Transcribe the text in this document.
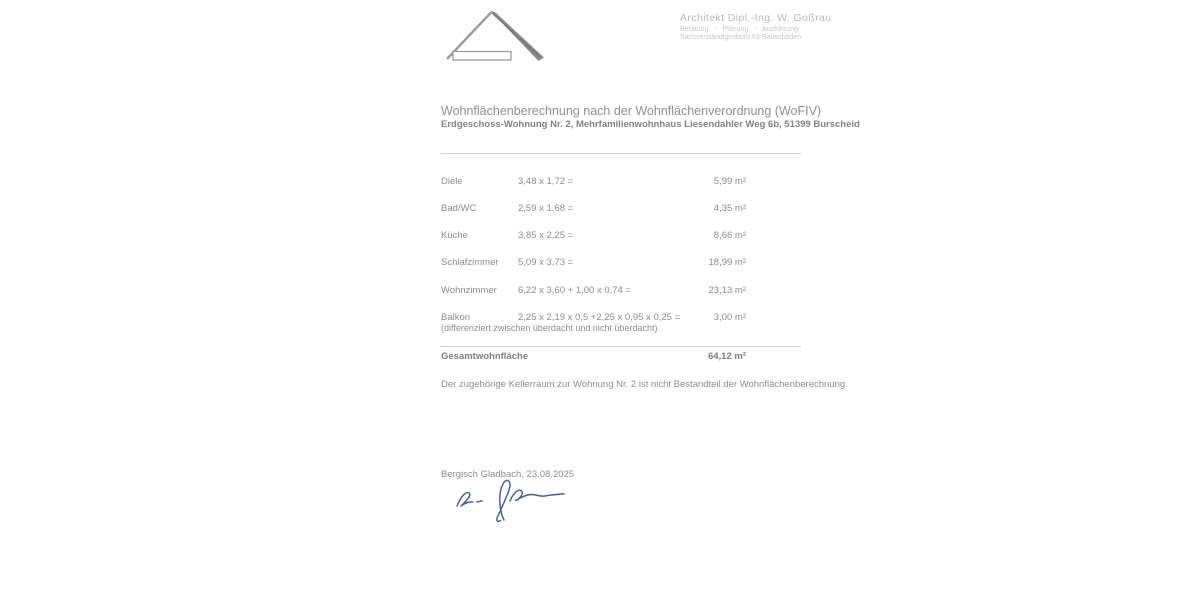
Architekt Dipl.-Ing. W. Goßrau
Beratung - Planung - Ausführung
Sachverständigenbüro für Bauschäden
Wohnflächenberechnung nach der Wohnflächenverordnung (WoFIV)
Erdgeschoss-Wohnung Nr. 2, Mehrfamilienwohnhaus Liesendahler Weg 6b, 51399 Burscheid
Diele	3,48 x 1,72 =	5,99 m²
Bad/WC	2,59 x 1,68 =	4,35 m²
Küche	3,85 x 2,25 =	8,66 m²
Schlafzimmer 5,09 x 3,73 =	18,99 m²
Wohnzimmer 6,22 x 3,60 + 1,00 x 0,74 =	23,13 m²
Balkon	2,25 x 2,19 x 0,5 +2,25 x 0,95 x 0,25 =	3,00 m²
(differenziert zwischen überdacht und nicht überdacht)
Gesamtwohnfläche	64,12 m²
Der zugehörige Kellerraum zur Wohnung Nr. 2 ist nicht Bestandteil der Wohnflächenberechnung.
Bergisch Gladbach, 23.08.2025
